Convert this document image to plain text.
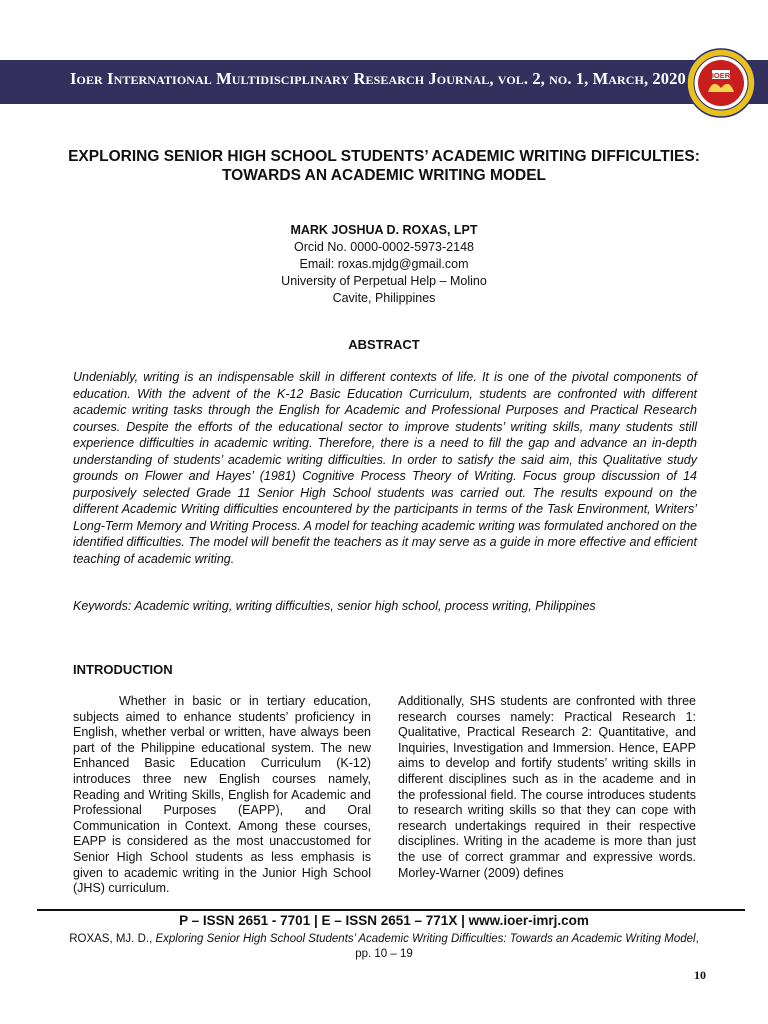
Ioer International Multidisciplinary Research Journal, vol. 2, no. 1, March, 2020	IOER
EXPLORING SENIOR HIGH SCHOOL STUDENTS’ ACADEMIC WRITING DIFFICULTIES: TOWARDS AN ACADEMIC WRITING MODEL
MARK JOSHUA D. ROXAS, LPT
Orcid No. 0000-0002-5973-2148
Email: roxas.mjdg@gmail.com
University of Perpetual Help – Molino
Cavite, Philippines
ABSTRACT
Undeniably, writing is an indispensable skill in different contexts of life. It is one of the pivotal components of education. With the advent of the K-12 Basic Education Curriculum, students are confronted with different academic writing tasks through the English for Academic and Professional Purposes and Practical Research courses. Despite the efforts of the educational sector to improve students’ writing skills, many students still experience difficulties in academic writing. Therefore, there is a need to fill the gap and advance an in-depth understanding of students’ academic writing difficulties. In order to satisfy the said aim, this Qualitative study grounds on Flower and Hayes’ (1981) Cognitive Process Theory of Writing. Focus group discussion of 14 purposively selected Grade 11 Senior High School students was carried out. The results expound on the different Academic Writing difficulties encountered by the participants in terms of the Task Environment, Writers’ Long-Term Memory and Writing Process. A model for teaching academic writing was formulated anchored on the identified difficulties. The model will benefit the teachers as it may serve as a guide in more effective and efficient teaching of academic writing.
Keywords: Academic writing, writing difficulties, senior high school, process writing, Philippines
INTRODUCTION

Whether in basic or in tertiary education, subjects aimed to enhance students’ proficiency in English, whether verbal or written, have always been part of the Philippine educational system. The new Enhanced Basic Education Curriculum (K-12) introduces three new English courses namely, Reading and Writing Skills, English for Academic and Professional Purposes (EAPP), and Oral Communication in Context. Among these courses, EAPP is considered as the most unaccustomed for Senior High School students as less emphasis is given to academic writing in the Junior High School (JHS) curriculum.

Additionally, SHS students are confronted with three research courses namely: Practical Research 1: Qualitative, Practical Research 2: Quantitative, and Inquiries, Investigation and Immersion. Hence, EAPP aims to develop and fortify students’ writing skills in different disciplines such as in the academe and in the professional field. The course introduces students to research writing skills so that they can cope with research undertakings required in their respective disciplines. Writing in the academe is more than just the use of correct grammar and expressive words. Morley-Warner (2009) defines

P – ISSN 2651 - 7701 | E – ISSN 2651 – 771X | www.ioer-imrj.com
ROXAS, MJ. D., Exploring Senior High School Students’ Academic Writing Difficulties: Towards an Academic Writing Model, pp. 10 – 19
10
